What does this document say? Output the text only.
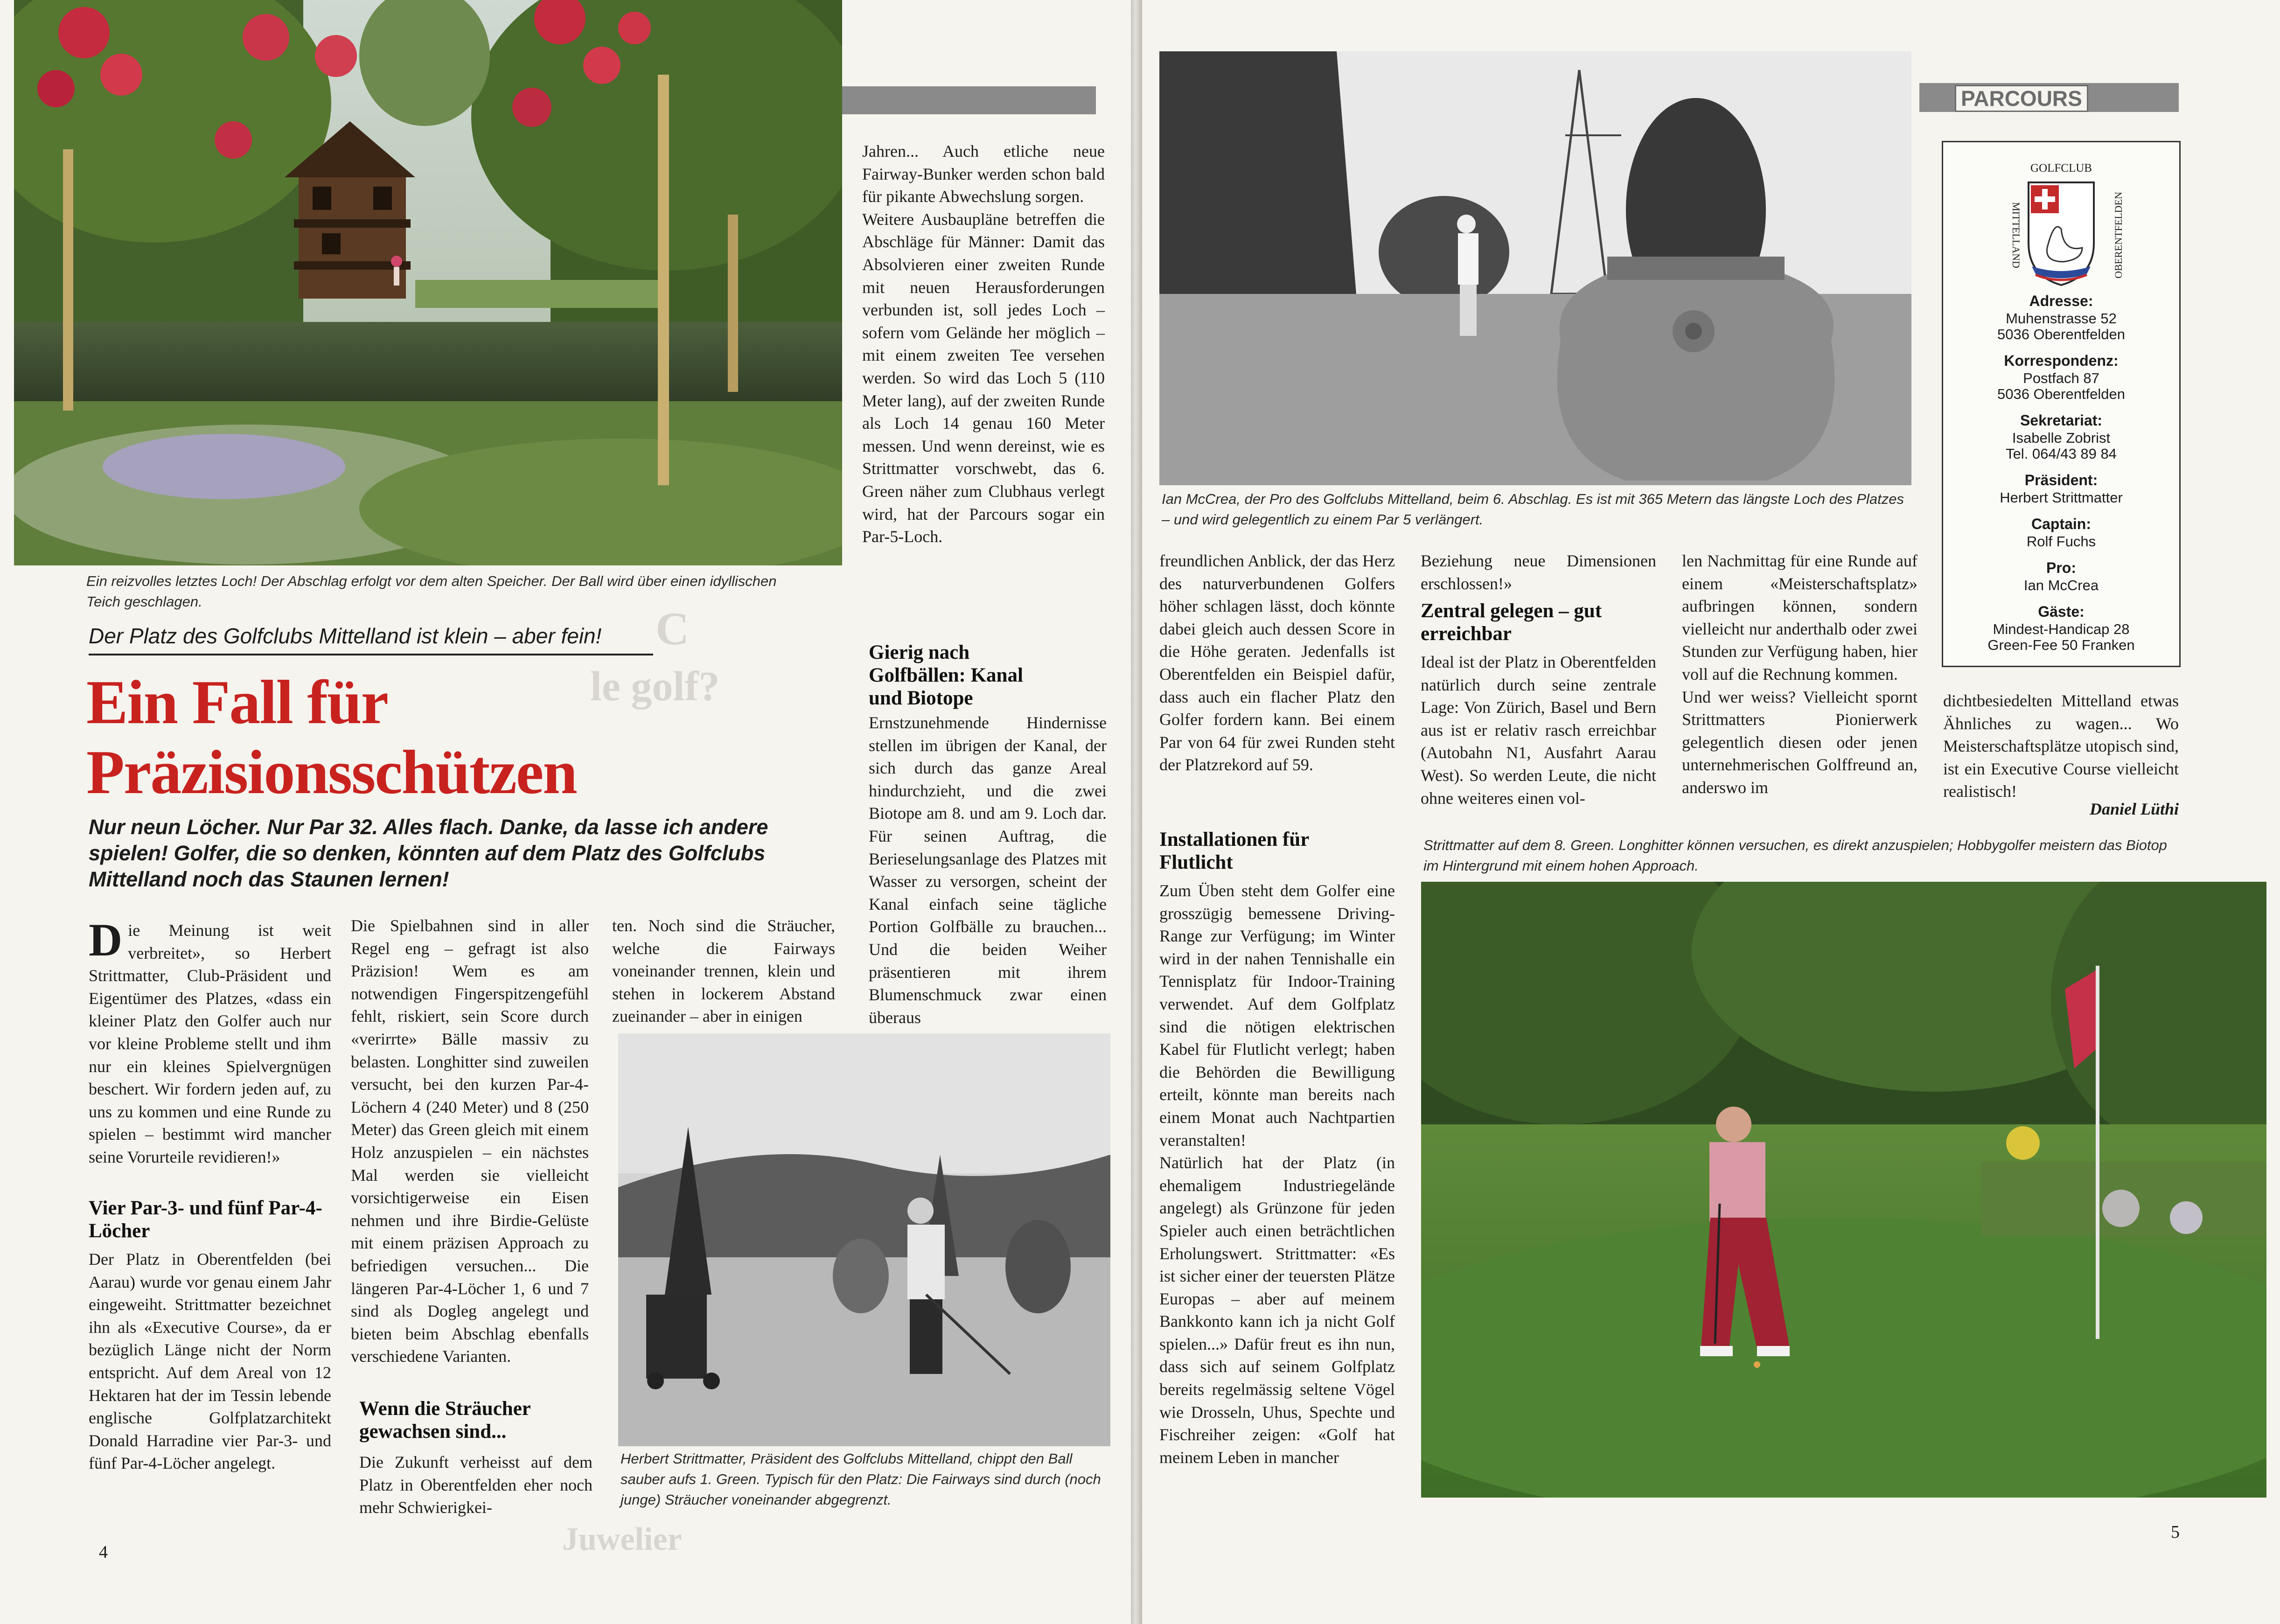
Ein reizvolles letztes Loch! Der Abschlag erfolgt vor dem alten Speicher. Der Ball wird über einen idyllischen Teich geschlagen.
Der Platz des Golfclubs Mittelland ist klein – aber fein!
Ein Fall für
Präzisionsschützen
Nur neun Löcher. Nur Par 32. Alles flach. Danke, da lasse ich andere spielen! Golfer, die so denken, könnten auf dem Platz des Golfclubs Mittelland noch das Staunen lernen!

Die Meinung ist weit verbreitet», so Herbert Strittmatter, Club-Präsident und Eigentümer des Platzes, «dass ein kleiner Platz den Golfer auch nur vor kleine Probleme stellt und ihm nur ein kleines Spielvergnügen beschert. Wir fordern jeden auf, zu uns zu kommen und eine Runde zu spielen – bestimmt wird mancher seine Vorurteile revidieren!»

Vier Par-3- und fünf Par-4-Löcher

Der Platz in Oberentfelden (bei Aarau) wurde vor genau einem Jahr eingeweiht. Strittmatter bezeichnet ihn als «Executive Course», da er bezüglich Länge nicht der Norm entspricht. Auf dem Areal von 12 Hektaren hat der im Tessin lebende englische Golfplatzarchitekt Donald Harradine vier Par-3- und fünf Par-4-Löcher angelegt.

Die Spielbahnen sind in aller Regel eng – gefragt ist also Präzision! Wem es am notwendigen Fingerspitzengefühl fehlt, riskiert, sein Score durch «verirrte» Bälle massiv zu belasten. Longhitter sind zuweilen versucht, bei den kurzen Par-4-Löchern 4 (240 Meter) und 8 (250 Meter) das Green gleich mit einem Holz anzuspielen – ein nächstes Mal werden sie vielleicht vorsichtigerweise ein Eisen nehmen und ihre Birdie-Gelüste mit einem präzisen Approach zu befriedigen versuchen... Die längeren Par-4-Löcher 1, 6 und 7 sind als Dogleg angelegt und bieten beim Abschlag ebenfalls verschiedene Varianten.

Wenn die Sträucher gewachsen sind...

Die Zukunft verheisst auf dem Platz in Oberentfelden eher noch mehr Schwierigkei-

ten. Noch sind die Sträucher, welche die Fairways voneinander trennen, klein und stehen in lockerem Abstand zueinander – aber in einigen

Jahren... Auch etliche neue Fairway-Bunker werden schon bald für pikante Abwechslung sorgen.

Weitere Ausbaupläne betreffen die Abschläge für Männer: Damit das Absolvieren einer zweiten Runde mit neuen Herausforderungen verbunden ist, soll jedes Loch – sofern vom Gelände her möglich – mit einem zweiten Tee versehen werden. So wird das Loch 5 (110 Meter lang), auf der zweiten Runde als Loch 14 genau 160 Meter messen. Und wenn dereinst, wie es Strittmatter vorschwebt, das 6. Green näher zum Clubhaus verlegt wird, hat der Parcours sogar ein Par-5-Loch.

Gierig nach Golfbällen: Kanal und Biotope

Ernstzunehmende Hindernisse stellen im übrigen der Kanal, der sich durch das ganze Areal hindurchzieht, und die zwei Biotope am 8. und am 9. Loch dar. Für seinen Auftrag, die Berieselungsanlage des Platzes mit Wasser zu versorgen, scheint der Kanal einfach seine tägliche Portion Golfbälle zu brauchen... Und die beiden Weiher präsentieren mit ihrem Blumenschmuck zwar einen überaus

Herbert Strittmatter, Präsident des Golfclubs Mittelland, chippt den Ball sauber aufs 1. Green. Typisch für den Platz: Die Fairways sind durch (noch junge) Sträucher voneinander abgegrenzt.
C
le golf?
Juwelier
4
Ian McCrea, der Pro des Golfclubs Mittelland, beim 6. Abschlag. Es ist mit 365 Metern das längste Loch des Platzes – und wird gelegentlich zu einem Par 5 verlängert.
PARCOURS
GOLFCLUB
MITTELLAND	OBERENTFELDEN
Adresse:
Muhenstrasse 52
5036 Oberentfelden
Korrespondenz:
Postfach 87
5036 Oberentfelden
Sekretariat:
Isabelle Zobrist
Tel. 064/43 89 84
Präsident:
Herbert Strittmatter
Captain:
Rolf Fuchs
Pro:
Ian McCrea
Gäste:
Mindest-Handicap 28
Green-Fee 50 Franken

freundlichen Anblick, der das Herz des naturverbundenen Golfers höher schlagen lässt, doch könnte dabei gleich auch dessen Score in die Höhe geraten. Jedenfalls ist Oberentfelden ein Beispiel dafür, dass auch ein flacher Platz den Golfer fordern kann. Bei einem Par von 64 für zwei Runden steht der Platzrekord auf 59.

Installationen für Flutlicht

Zum Üben steht dem Golfer eine grosszügig bemessene Driving-Range zur Verfügung; im Winter wird in der nahen Tennishalle ein Tennisplatz für Indoor-Training verwendet. Auf dem Golfplatz sind die nötigen elektrischen Kabel für Flutlicht verlegt; haben die Behörden die Bewilligung erteilt, könnte man bereits nach einem Monat auch Nachtpartien veranstalten!

Natürlich hat der Platz (in ehemaligem Industriegelände angelegt) als Grünzone für jeden Spieler auch einen beträchtlichen Erholungswert. Strittmatter: «Es ist sicher einer der teuersten Plätze Europas – aber auf meinem Bankkonto kann ich ja nicht Golf spielen...» Dafür freut es ihn nun, dass sich auf seinem Golfplatz bereits regelmässig seltene Vögel wie Drosseln, Uhus, Spechte und Fischreiher zeigen: «Golf hat meinem Leben in mancher

Beziehung neue Dimensionen erschlossen!»

Zentral gelegen – gut erreichbar

Ideal ist der Platz in Oberentfelden natürlich durch seine zentrale Lage: Von Zürich, Basel und Bern aus ist er relativ rasch erreichbar (Autobahn N1, Ausfahrt Aarau West). So werden Leute, die nicht ohne weiteres einen vol-

len Nachmittag für eine Runde auf einem «Meisterschaftsplatz» aufbringen können, sondern vielleicht nur anderthalb oder zwei Stunden zur Verfügung haben, hier voll auf die Rechnung kommen.

Und wer weiss? Vielleicht spornt Strittmatters Pionierwerk gelegentlich diesen oder jenen unternehmerischen Golffreund an, anderswo im

dichtbesiedelten Mittelland etwas Ähnliches zu wagen... Wo Meisterschaftsplätze utopisch sind, ist ein Executive Course vielleicht realistisch!

Daniel Lüthi
Strittmatter auf dem 8. Green. Longhitter können versuchen, es direkt anzuspielen; Hobbygolfer meistern das Biotop im Hintergrund mit einem hohen Approach.
5
